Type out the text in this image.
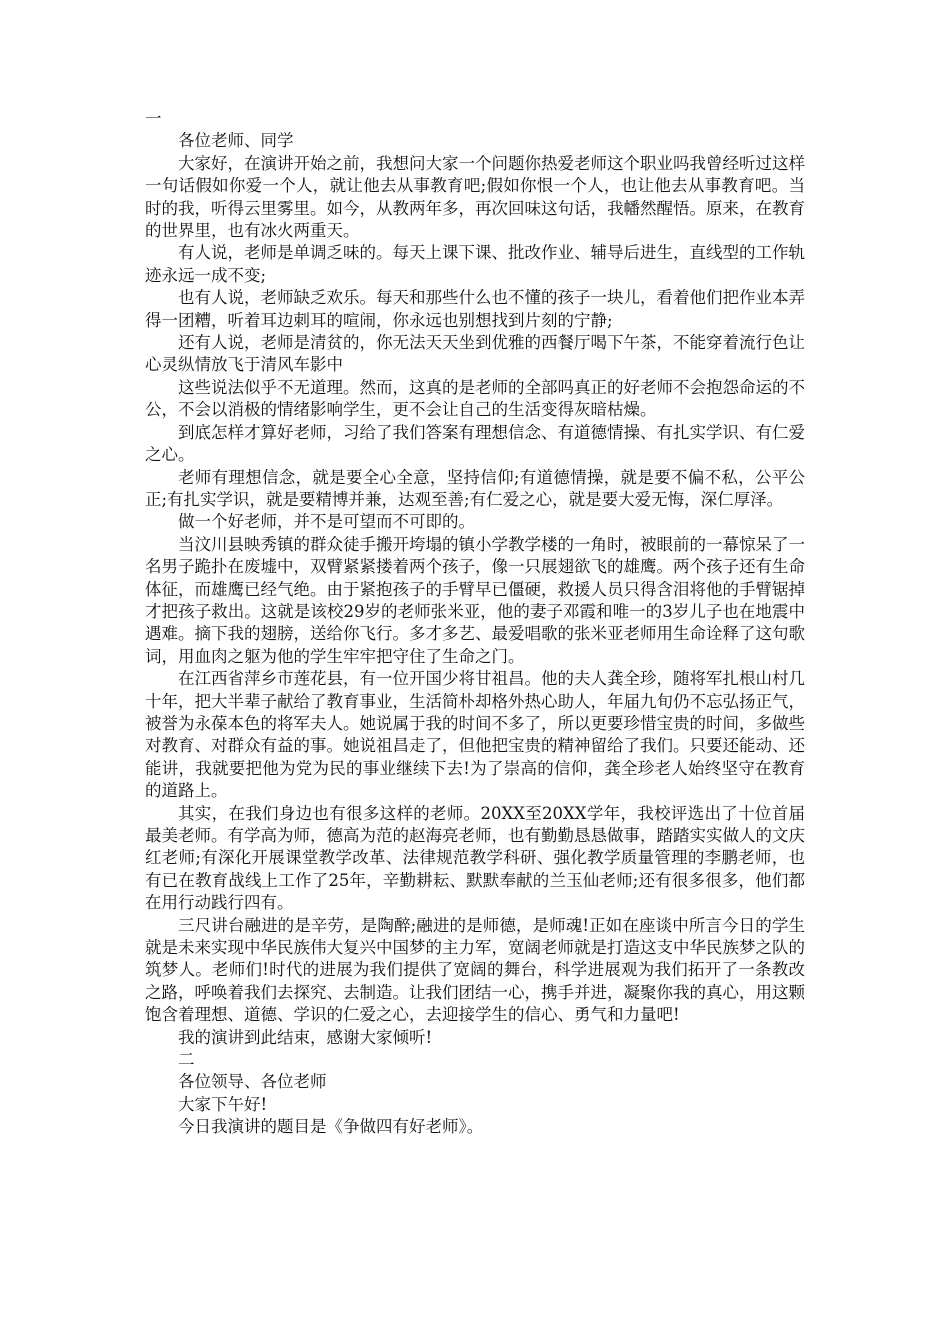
一

各位老师、同学

大家好，在演讲开始之前，我想问大家一个问题你热爱老师这个职业吗我曾经听过这样一句话假如你爱一个人，就让他去从事教育吧;假如你恨一个人，也让他去从事教育吧。当时的我，听得云里雾里。如今，从教两年多，再次回味这句话，我幡然醒悟。原来，在教育的世界里，也有冰火两重天。

有人说，老师是单调乏味的。每天上课下课、批改作业、辅导后进生，直线型的工作轨迹永远一成不变;

也有人说，老师缺乏欢乐。每天和那些什么也不懂的孩子一块儿，看着他们把作业本弄得一团糟，听着耳边刺耳的喧闹，你永远也别想找到片刻的宁静;

还有人说，老师是清贫的，你无法天天坐到优雅的西餐厅喝下午茶，不能穿着流行色让心灵纵情放飞于清风车影中

这些说法似乎不无道理。然而，这真的是老师的全部吗真正的好老师不会抱怨命运的不公，不会以消极的情绪影响学生，更不会让自己的生活变得灰暗枯燥。

到底怎样才算好老师，习给了我们答案有理想信念、有道德情操、有扎实学识、有仁爱之心。

老师有理想信念，就是要全心全意，坚持信仰;有道德情操，就是要不偏不私，公平公正;有扎实学识，就是要精博并兼，达观至善;有仁爱之心，就是要大爱无悔，深仁厚泽。

做一个好老师，并不是可望而不可即的。

当汶川县映秀镇的群众徒手搬开垮塌的镇小学教学楼的一角时，被眼前的一幕惊呆了一名男子跪扑在废墟中，双臂紧紧搂着两个孩子，像一只展翅欲飞的雄鹰。两个孩子还有生命体征，而雄鹰已经气绝。由于紧抱孩子的手臂早已僵硬，救援人员只得含泪将他的手臂锯掉才把孩子救出。这就是该校29岁的老师张米亚，他的妻子邓霞和唯一的3岁儿子也在地震中遇难。摘下我的翅膀，送给你飞行。多才多艺、最爱唱歌的张米亚老师用生命诠释了这句歌词，用血肉之躯为他的学生牢牢把守住了生命之门。

在江西省萍乡市莲花县，有一位开国少将甘祖昌。他的夫人龚全珍，随将军扎根山村几十年，把大半辈子献给了教育事业，生活简朴却格外热心助人，年届九旬仍不忘弘扬正气，被誉为永葆本色的将军夫人。她说属于我的时间不多了，所以更要珍惜宝贵的时间，多做些对教育、对群众有益的事。她说祖昌走了，但他把宝贵的精神留给了我们。只要还能动、还能讲，我就要把他为党为民的事业继续下去!为了崇高的信仰，龚全珍老人始终坚守在教育的道路上。

其实，在我们身边也有很多这样的老师。20XX至20XX学年，我校评选出了十位首届最美老师。有学高为师，德高为范的赵海亮老师，也有勤勤恳恳做事，踏踏实实做人的文庆红老师;有深化开展课堂教学改革、法律规范教学科研、强化教学质量管理的李鹏老师，也有已在教育战线上工作了25年，辛勤耕耘、默默奉献的兰玉仙老师;还有很多很多，他们都在用行动践行四有。

三尺讲台融进的是辛劳，是陶醉;融进的是师德，是师魂!正如在座谈中所言今日的学生就是未来实现中华民族伟大复兴中国梦的主力军，宽阔老师就是打造这支中华民族梦之队的筑梦人。老师们!时代的进展为我们提供了宽阔的舞台，科学进展观为我们拓开了一条教改之路，呼唤着我们去探究、去制造。让我们团结一心，携手并进，凝聚你我的真心，用这颗饱含着理想、道德、学识的仁爱之心，去迎接学生的信心、勇气和力量吧!

我的演讲到此结束，感谢大家倾听!

二

各位领导、各位老师

大家下午好!

今日我演讲的题目是《争做四有好老师》。
